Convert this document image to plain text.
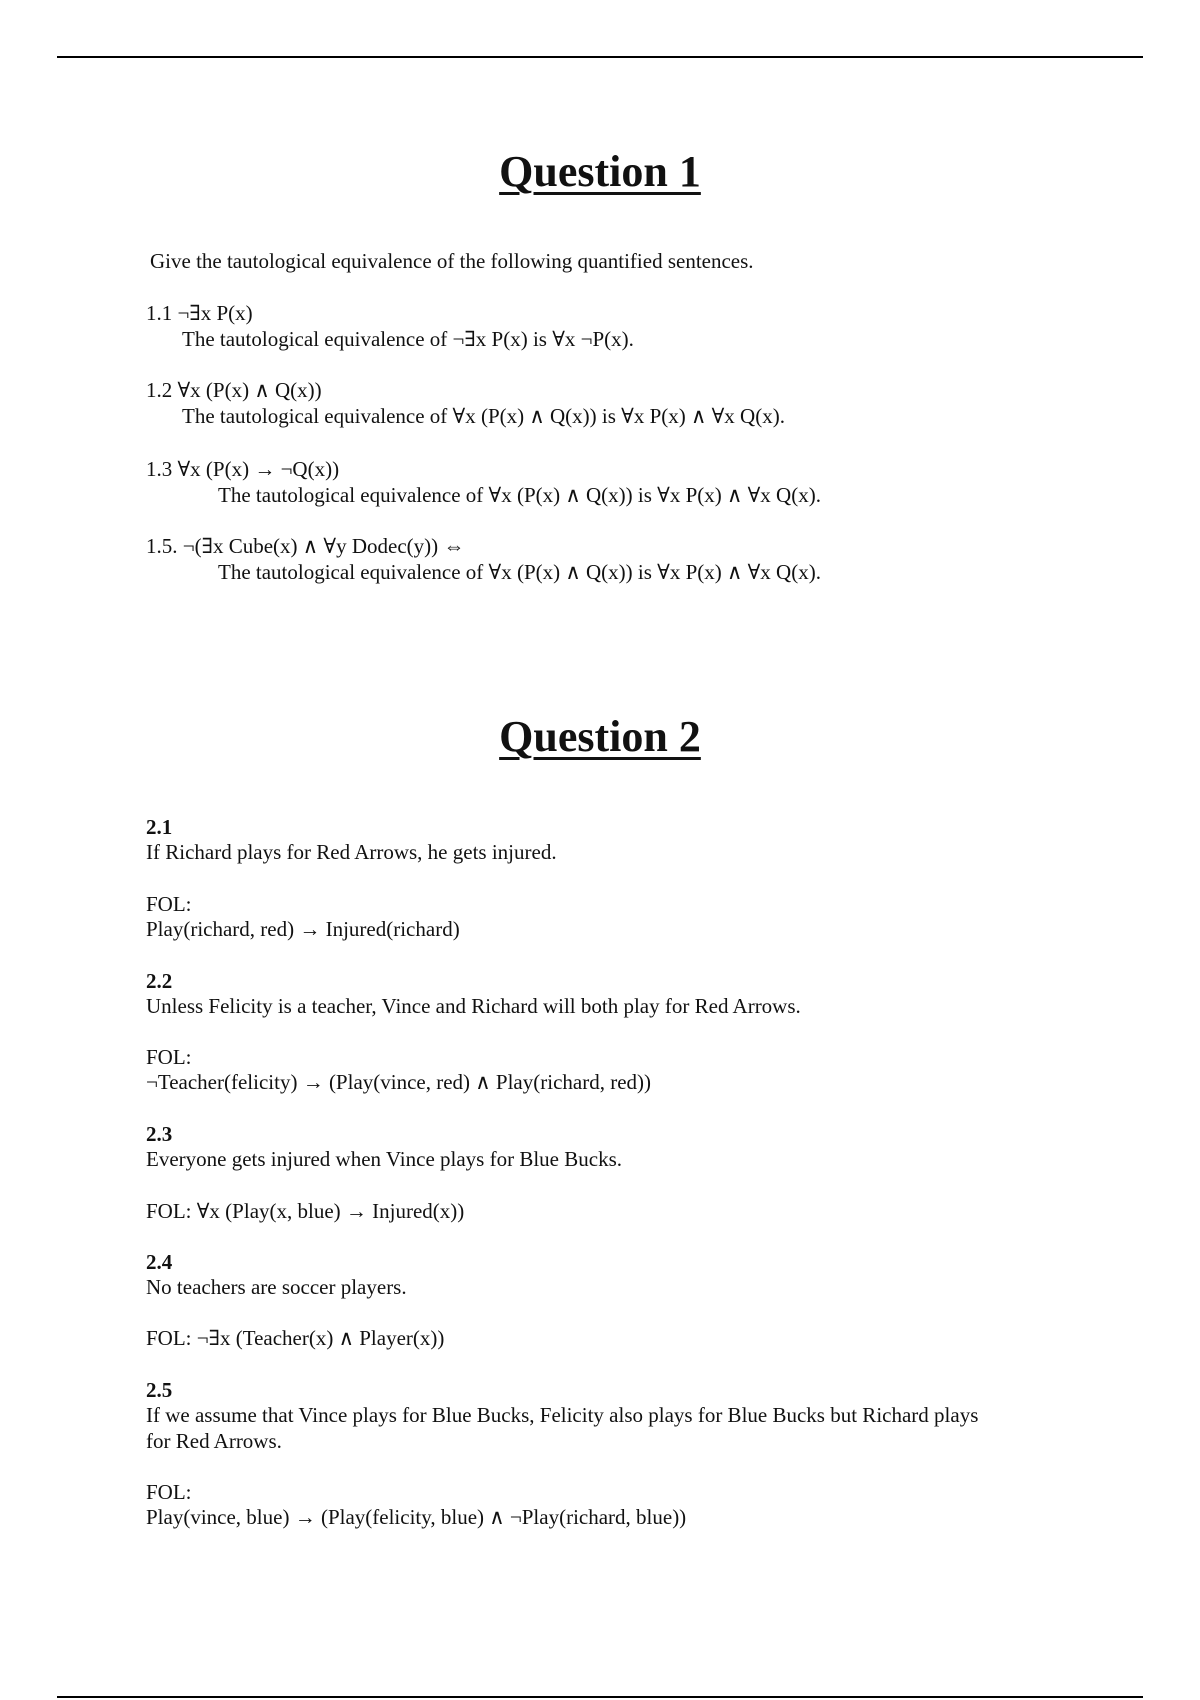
Question 1
Give the tautological equivalence of the following quantified sentences.
1.1 ¬∃x P(x)
The tautological equivalence of ¬∃x P(x) is ∀x ¬P(x).
1.2 ∀x (P(x) ∧ Q(x))
The tautological equivalence of ∀x (P(x) ∧ Q(x)) is ∀x P(x) ∧ ∀x Q(x).
1.3 ∀x (P(x) → ¬Q(x))
The tautological equivalence of ∀x (P(x) ∧ Q(x)) is ∀x P(x) ∧ ∀x Q(x).
1.5. ¬(∃x Cube(x) ∧ ∀y Dodec(y)) ⇔
The tautological equivalence of ∀x (P(x) ∧ Q(x)) is ∀x P(x) ∧ ∀x Q(x).
Question 2
2.1
If Richard plays for Red Arrows, he gets injured.
FOL:
Play(richard, red) → Injured(richard)
2.2
Unless Felicity is a teacher, Vince and Richard will both play for Red Arrows.
FOL:
¬Teacher(felicity) → (Play(vince, red) ∧ Play(richard, red))
2.3
Everyone gets injured when Vince plays for Blue Bucks.
FOL: ∀x (Play(x, blue) → Injured(x))
2.4
No teachers are soccer players.
FOL: ¬∃x (Teacher(x) ∧ Player(x))
2.5
If we assume that Vince plays for Blue Bucks, Felicity also plays for Blue Bucks but Richard plays
for Red Arrows.
FOL:
Play(vince, blue) → (Play(felicity, blue) ∧ ¬Play(richard, blue))
